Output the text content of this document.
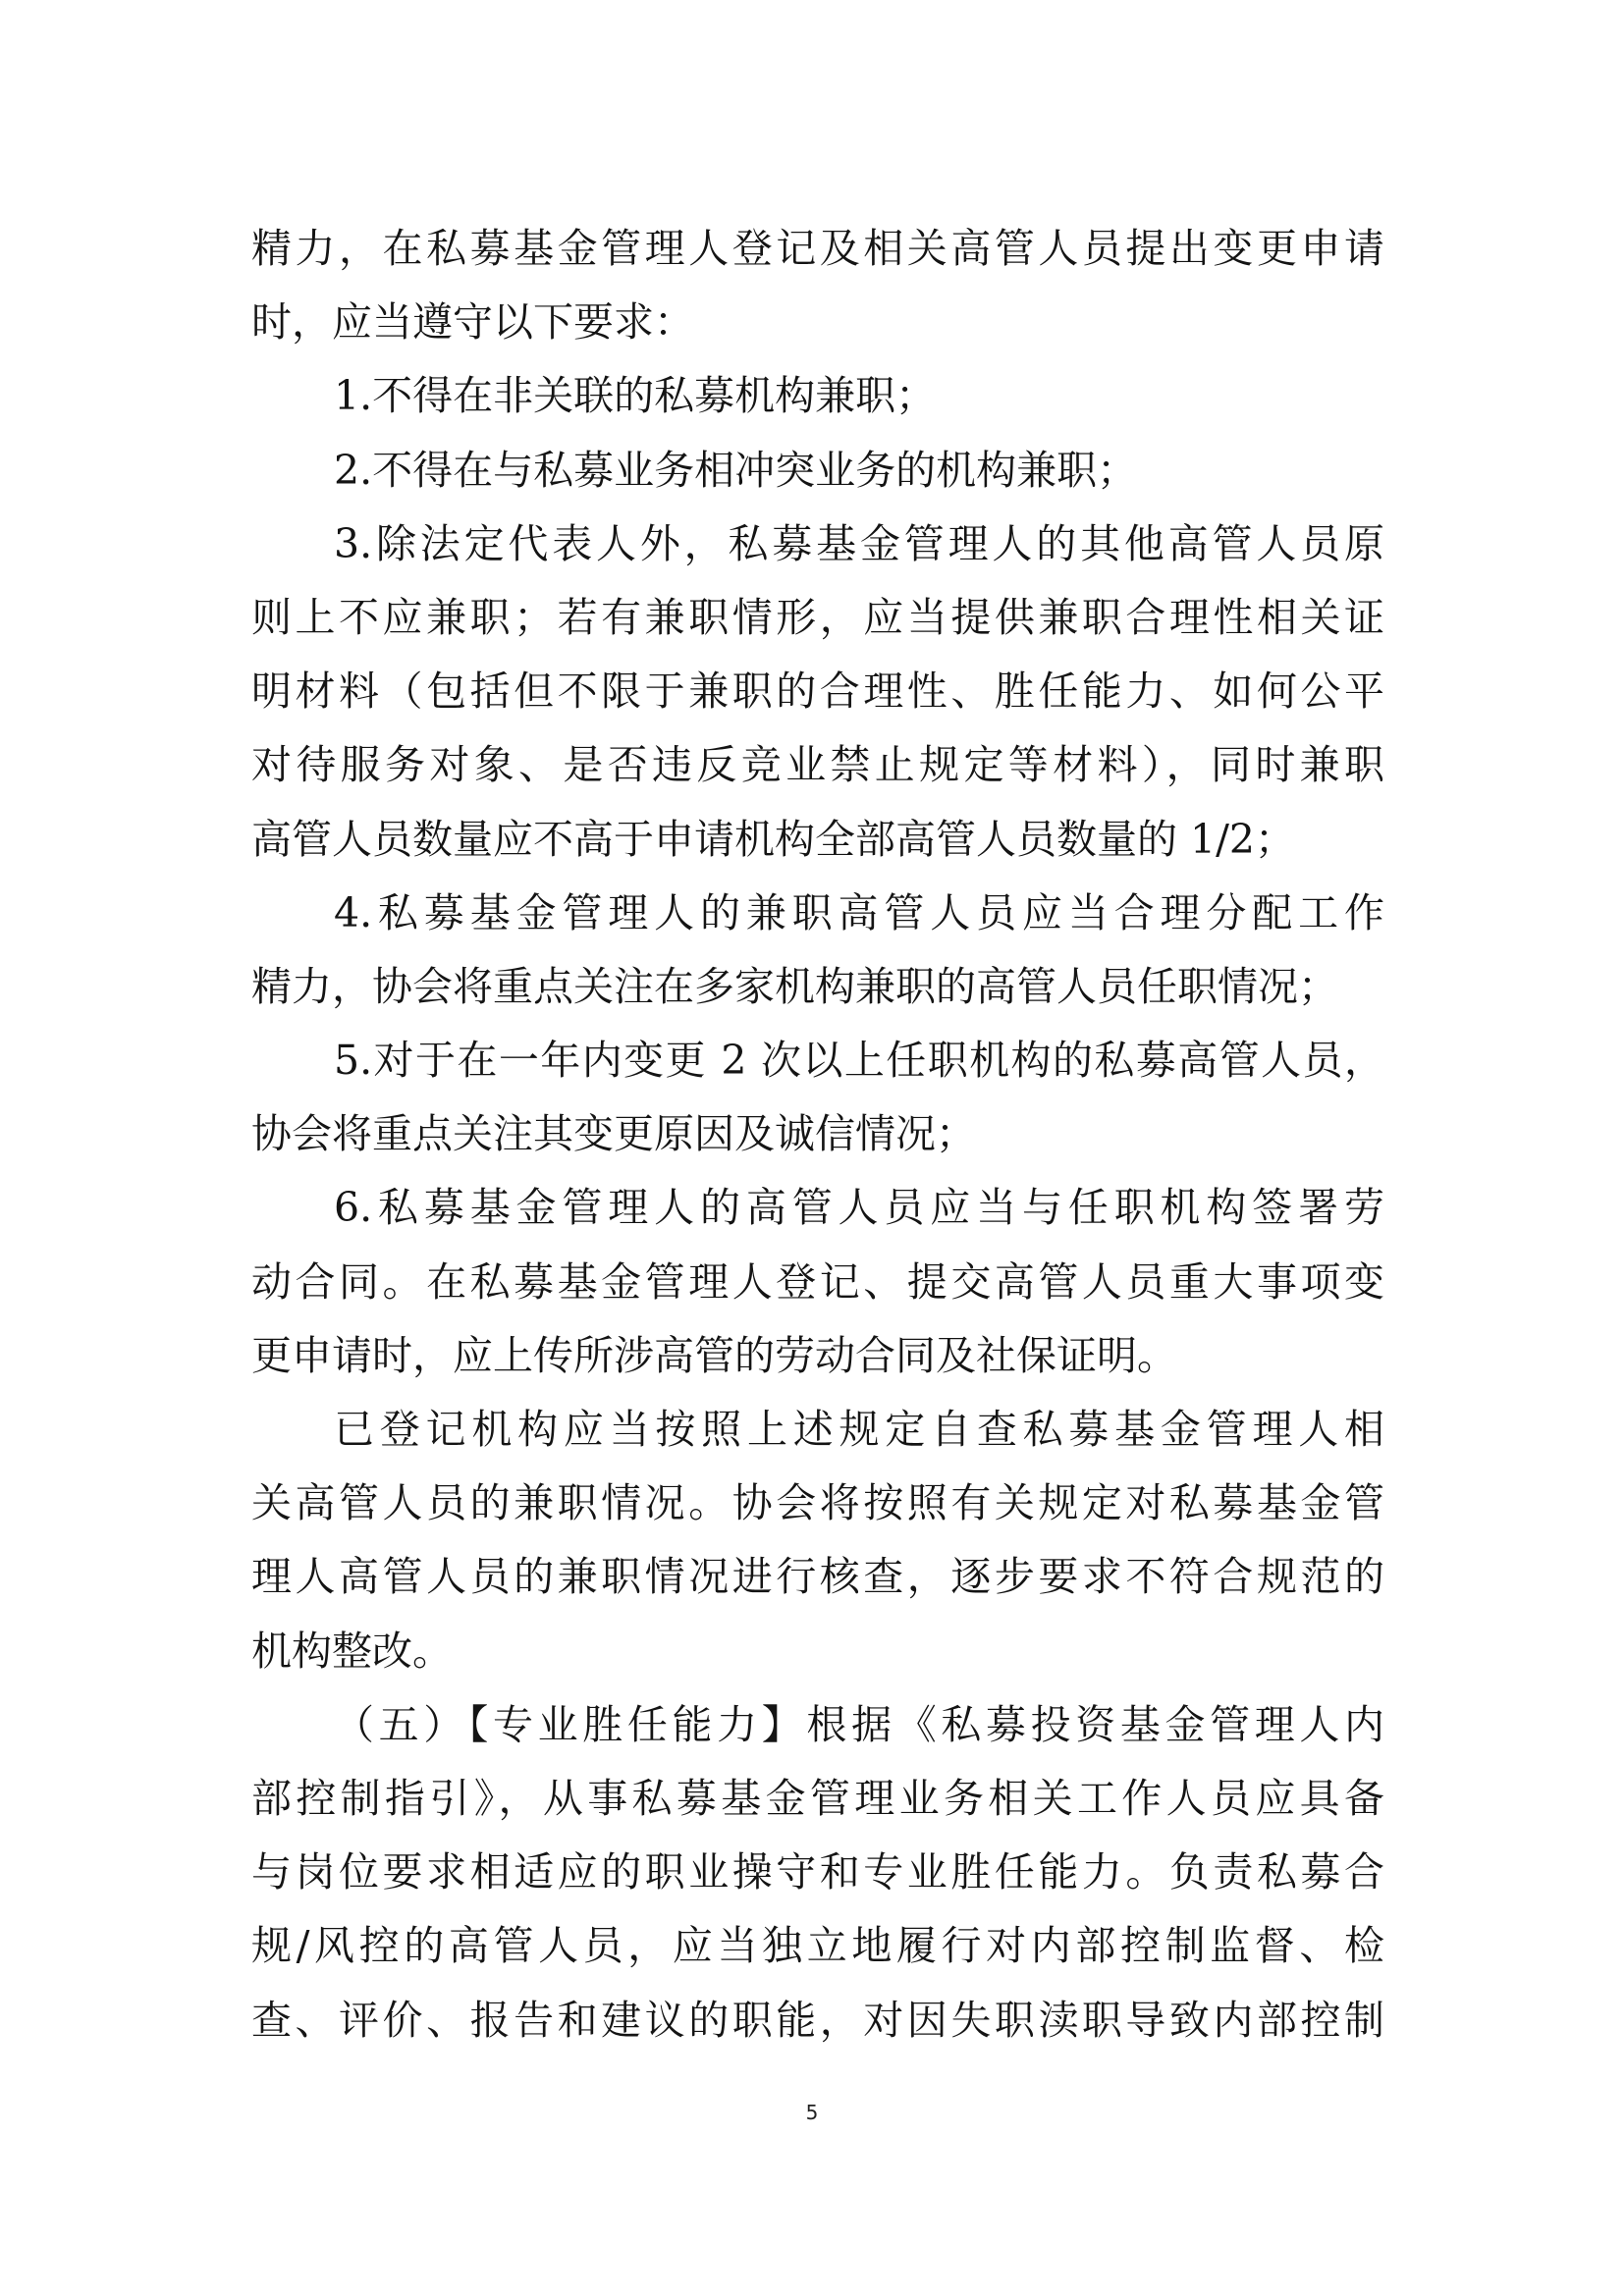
精力，在私募基金管理人登记及相关高管人员提出变更申请
时，应当遵守以下要求：
1.不得在非关联的私募机构兼职；
2.不得在与私募业务相冲突业务的机构兼职；
3.除法定代表人外，私募基金管理人的其他高管人员原
则上不应兼职；若有兼职情形，应当提供兼职合理性相关证
明材料（包括但不限于兼职的合理性、胜任能力、如何公平
对待服务对象、是否违反竞业禁止规定等材料），同时兼职
高管人员数量应不高于申请机构全部高管人员数量的 1/2；
4.私募基金管理人的兼职高管人员应当合理分配工作
精力，协会将重点关注在多家机构兼职的高管人员任职情况；
5.对于在一年内变更 2 次以上任职机构的私募高管人员，
协会将重点关注其变更原因及诚信情况；
6.私募基金管理人的高管人员应当与任职机构签署劳
动合同。在私募基金管理人登记、提交高管人员重大事项变
更申请时，应上传所涉高管的劳动合同及社保证明。
已登记机构应当按照上述规定自查私募基金管理人相
关高管人员的兼职情况。协会将按照有关规定对私募基金管
理人高管人员的兼职情况进行核查，逐步要求不符合规范的
机构整改。
（五）【专业胜任能力】根据《私募投资基金管理人内
部控制指引》，从事私募基金管理业务相关工作人员应具备
与岗位要求相适应的职业操守和专业胜任能力。负责私募合
规/风控的高管人员，应当独立地履行对内部控制监督、检
查、评价、报告和建议的职能，对因失职渎职导致内部控制
5
